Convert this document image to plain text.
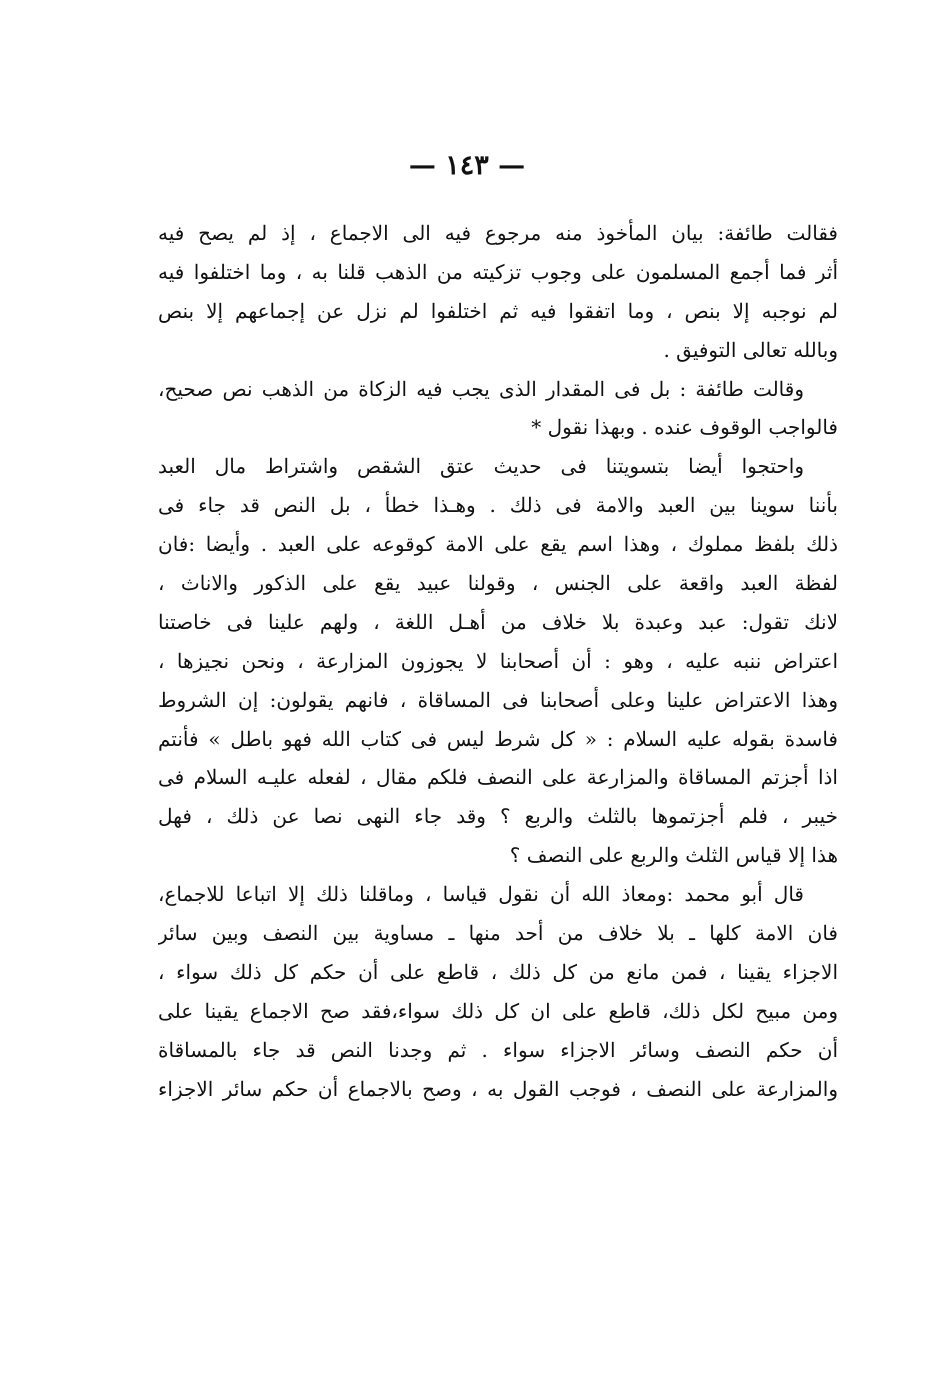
— ١٤٣ —
فقالت طائفة: بيان المأخوذ منه مرجوع فيه الى الاجماع ، إذ لم يصح فيه
أثر فما أجمع المسلمون على وجوب تزكيته من الذهب قلنا به ، وما اختلفوا فيه
لم نوجبه إلا بنص ، وما اتفقوا فيه ثم اختلفوا لم نزل عن إجماعهم إلا بنص
وبالله تعالى التوفيق .
وقالت طائفة : بل فى المقدار الذى يجب فيه الزكاة من الذهب نص صحيح،
فالواجب الوقوف عنده . وبهذا نقول *
واحتجوا أيضا بتسويتنا فى حديث عتق الشقص واشتراط مال العبد
بأننا سوينا بين العبد والامة فى ذلك . وهـذا خطأ ، بل النص قد جاء فى
ذلك بلفظ مملوك ، وهذا اسم يقع على الامة كوقوعه على العبد . وأيضا :فان
لفظة العبد واقعة على الجنس ، وقولنا عبيد يقع على الذكور والاناث ،
لانك تقول: عبد وعبدة بلا خلاف من أهـل اللغة ، ولهم علينا فى خاصتنا
اعتراض ننبه عليه ، وهو : أن أصحابنا لا يجوزون المزارعة ، ونحن نجيزها ،
وهذا الاعتراض علينا وعلى أصحابنا فى المساقاة ، فانهم يقولون: إن الشروط
فاسدة بقوله عليه السلام : « كل شرط ليس فى كتاب الله فهو باطل » فأنتم
اذا أجزتم المساقاة والمزارعة على النصف فلكم مقال ، لفعله عليـه السلام فى
خيبر ، فلم أجزتموها بالثلث والربع ؟ وقد جاء النهى نصا عن ذلك ، فهل
هذا إلا قياس الثلث والربع على النصف ؟
قال أبو محمد :ومعاذ الله أن نقول قياسا ، وماقلنا ذلك إلا اتباعا للاجماع،
فان الامة كلها ـ بلا خلاف من أحد منها ـ مساوية بين النصف وبين سائر
الاجزاء يقينا ، فمن مانع من كل ذلك ، قاطع على أن حكم كل ذلك سواء ،
ومن مبيح لكل ذلك، قاطع على ان كل ذلك سواء،فقد صح الاجماع يقينا على
أن حكم النصف وسائر الاجزاء سواء . ثم وجدنا النص قد جاء بالمساقاة
والمزارعة على النصف ، فوجب القول به ، وصح بالاجماع أن حكم سائر الاجزاء
